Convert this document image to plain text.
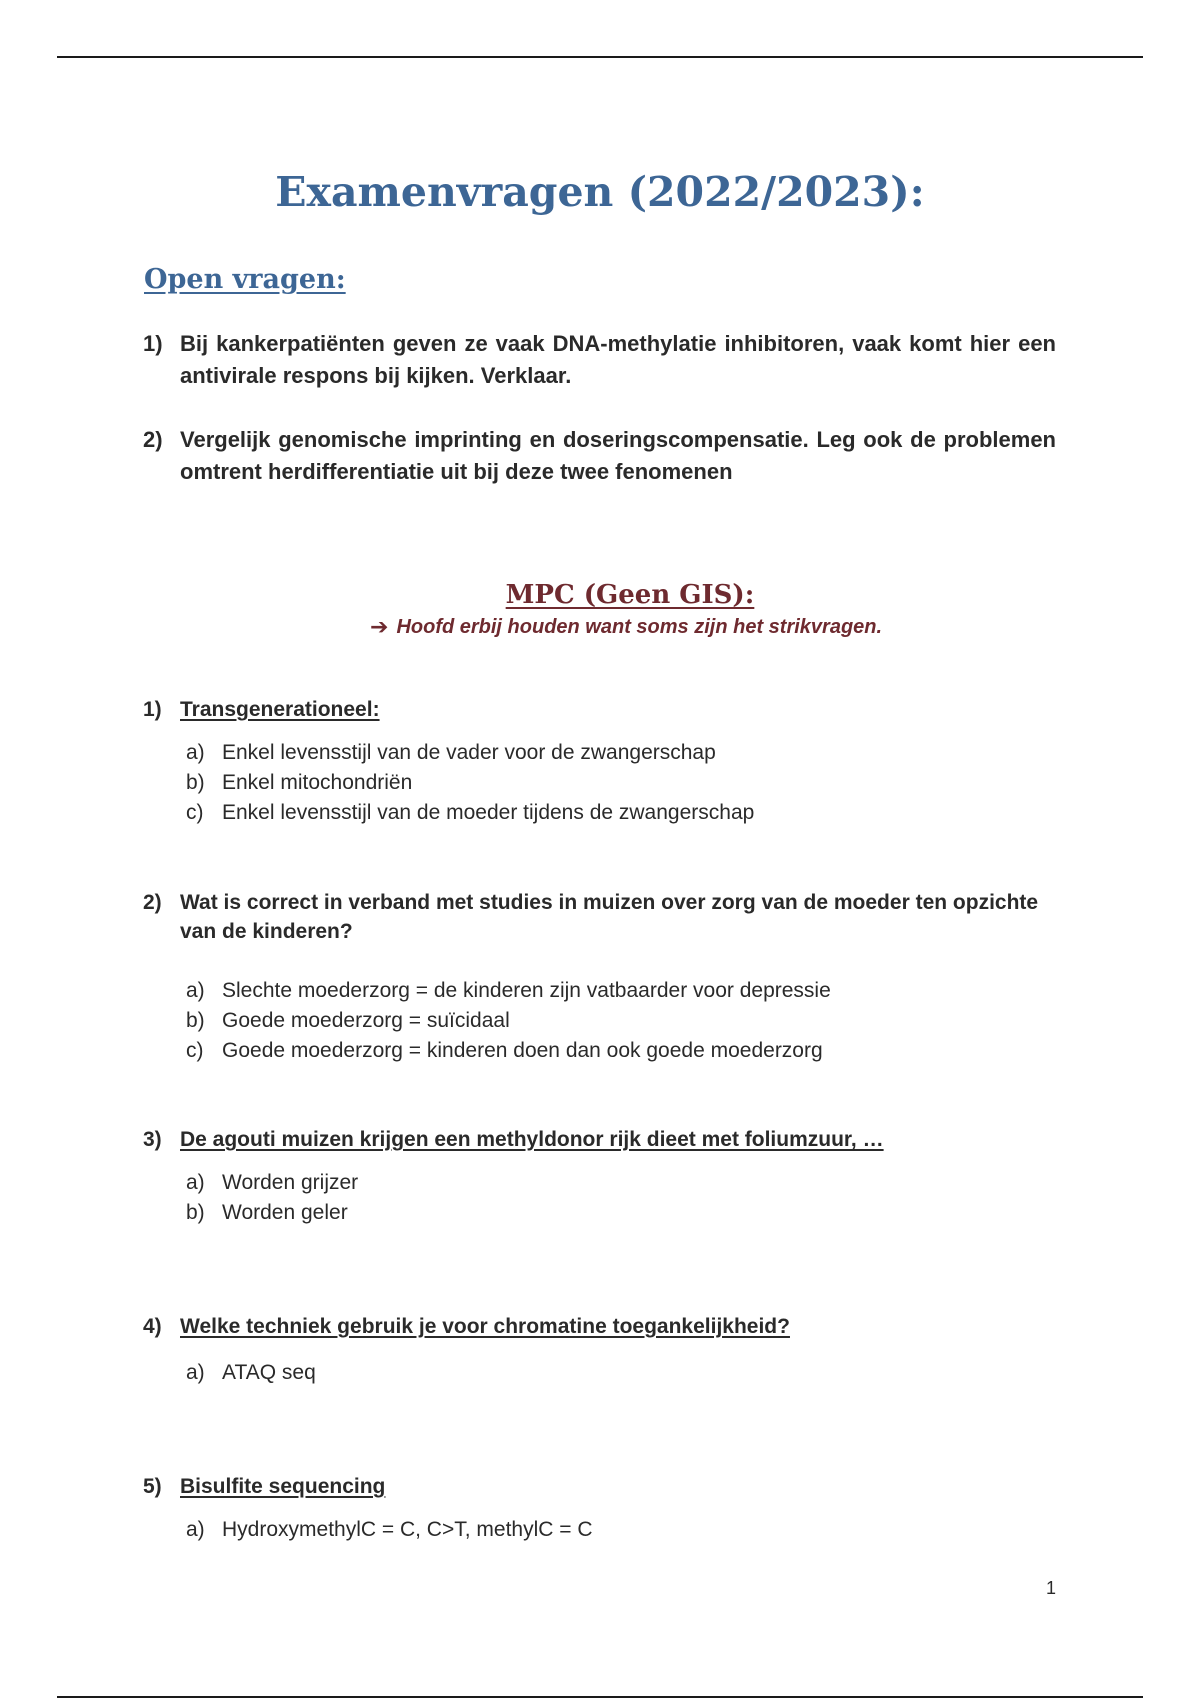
Examenvragen (2022/2023):
Open vragen:
1) Bij kankerpatiënten geven ze vaak DNA-methylatie inhibitoren, vaak komt hier een antivirale respons bij kijken. Verklaar.
2) Vergelijk genomische imprinting en doseringscompensatie. Leg ook de problemen omtrent herdifferentiatie uit bij deze twee fenomenen
MPC (Geen GIS):
➔ Hoofd erbij houden want soms zijn het strikvragen.
1) Transgenerationeel:
a) Enkel levensstijl van de vader voor de zwangerschap
b) Enkel mitochondriën
c) Enkel levensstijl van de moeder tijdens de zwangerschap
2) Wat is correct in verband met studies in muizen over zorg van de moeder ten opzichte van de kinderen?
a) Slechte moederzorg = de kinderen zijn vatbaarder voor depressie
b) Goede moederzorg = suïcidaal
c) Goede moederzorg = kinderen doen dan ook goede moederzorg
3) De agouti muizen krijgen een methyldonor rijk dieet met foliumzuur, …
a) Worden grijzer
b) Worden geler
4) Welke techniek gebruik je voor chromatine toegankelijkheid?
a) ATAQ seq
5) Bisulfite sequencing
a) HydroxymethylC = C, C>T, methylC = C
1
